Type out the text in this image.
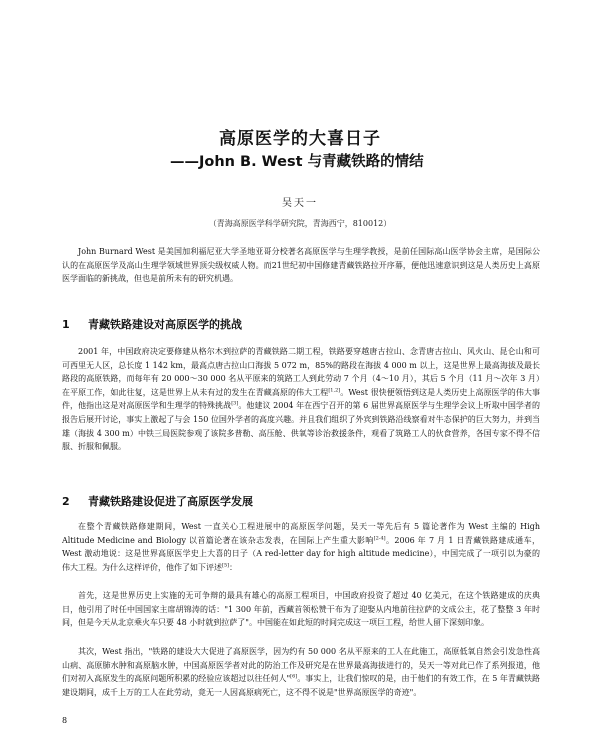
高原医学的大喜日子
——John B. West 与青藏铁路的情结
吴天一
（青海高原医学科学研究院，青海西宁，810012）
John Burnard West 是美国加利福尼亚大学圣地亚哥分校著名高原医学与生理学教授，是前任国际高山医学协会主席，是国际公认的在高原医学及高山生理学领域世界顶尖级权威人物。而21世纪初中国修建青藏铁路拉开序幕，便他迅速意识到这是人类历史上高原医学面临的新挑战，但也是前所未有的研究机遇。
1 青藏铁路建设对高原医学的挑战
2001 年，中国政府决定要修建从格尔木到拉萨的青藏铁路二期工程，铁路要穿越唐古拉山、念青唐古拉山、风火山、昆仑山和可可西里无人区，总长度 1 142 km，最高点唐古拉山口海拔 5 072 m，85%的路段在海拔 4 000 m 以上，这是世界上最高海拔及最长路段的高原铁路，而每年有 20 000～30 000 名从平原来的筑路工人到此劳动 7 个月（4～10 月），其后 5 个月（11 月～次年 3 月）在平原工作，如此往复，这是世界上从未有过的发生在青藏高原的伟大工程[1,2]。West 很快便领悟到这是人类历史上高原医学的伟大事件，他指出这是对高原医学和生理学的特殊挑战[3]。他建议 2004 年在西宁召开的第 6 届世界高原医学与生理学会议上听取中国学者的报告后展开讨论，事实上激起了与会 150 位国外学者的高度兴趣。并且我们组织了外宾到铁路沿线察看对牛态保护的巨大努力，并到当雄（海拔 4 300 m）中铁三局医院参观了该院多普勒、高压舱、供氧等诊治救援条件，观看了筑路工人的伙食营养，各国专家不得不信服、折服和佩服。
2 青藏铁路建设促进了高原医学发展
在整个青藏铁路修建期间，West 一直关心工程进展中的高原医学问题，吴天一等先后有 5 篇论著作为 West 主编的 High Altitude Medicine and Biology 以首篇论著在该杂志发表，在国际上产生重大影响[2-4]。2006 年 7 月 1 日青藏铁路建成通车，West 激动地说：这是世界高原医学史上大喜的日子（A red-letter day for high altitude medicine），中国完成了一项引以为豪的伟大工程。为什么这样评价，他作了如下评述[5]：
首先，这是世界历史上实施的无可争辩的最具有雄心的高原工程项目，中国政府投资了超过 40 亿美元，在这个铁路建成的庆典日，他引用了时任中国国家主席胡锦涛的话："1 300 年前，西藏首领松赞干布为了迎娶从内地前往拉萨的文成公主，花了整整 3 年时间，但是今天从北京乘火车只要 48 小时就到拉萨了"。中国能在如此短的时间完成这一项巨工程，给世人留下深刻印象。
其次，West 指出，"铁路的建设大大促进了高原医学，因为约有 50 000 名从平原来的工人在此施工，高原低氧自然会引发急性高山病、高原肺水肿和高原脑水肿，中国高原医学者对此的防治工作及研究是在世界最高海拔进行的，吴天一等对此已作了系列报道，他们对初入高原发生的高原问题所积累的经验应该超过以往任何人"[6]。事实上，让我们惊叹的是，由于他们的有效工作，在 5 年青藏铁路建设期间，成千上万的工人在此劳动，竟无一人因高原病死亡，这不得不说是"世界高原医学的奇迹"。
8
